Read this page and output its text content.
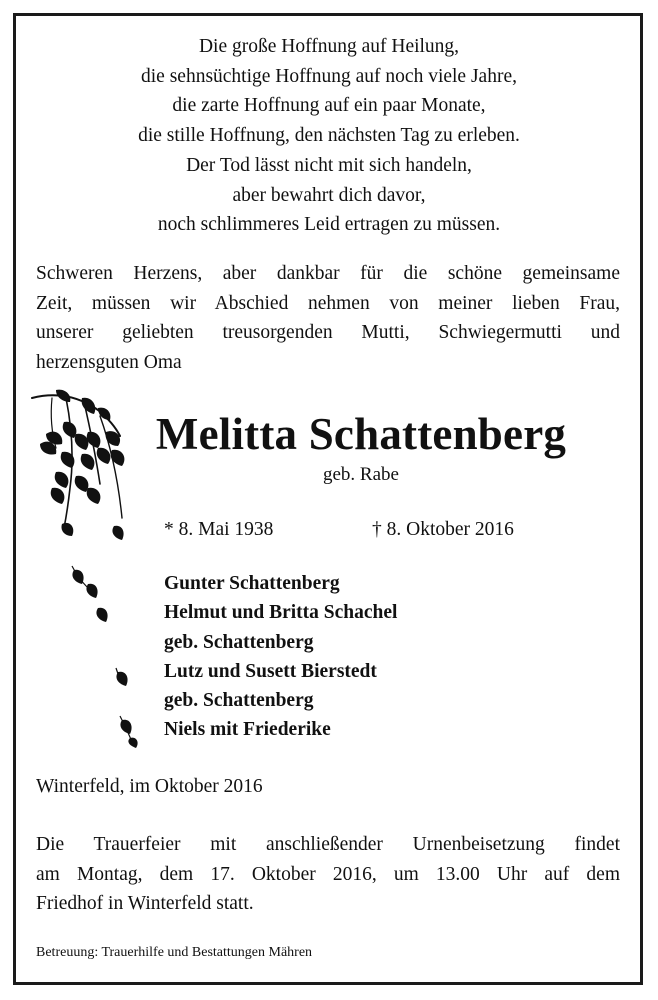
Die große Hoffnung auf Heilung,
die sehnsüchtige Hoffnung auf noch viele Jahre,
die zarte Hoffnung auf ein paar Monate,
die stille Hoffnung, den nächsten Tag zu erleben.
Der Tod lässt nicht mit sich handeln,
aber bewahrt dich davor,
noch schlimmeres Leid ertragen zu müssen.
Schweren Herzens, aber dankbar für die schöne gemeinsame
Zeit, müssen wir Abschied nehmen von meiner lieben Frau,
unserer geliebten treusorgenden Mutti, Schwiegermutti und
herzensguten Oma
Melitta Schattenberg
geb. Rabe
* 8. Mai 1938	† 8. Oktober 2016
Gunter Schattenberg
Helmut und Britta Schachel
geb. Schattenberg
Lutz und Susett Bierstedt
geb. Schattenberg
Niels mit Friederike
Winterfeld, im Oktober 2016
Die Trauerfeier mit anschließender Urnenbeisetzung findet
am Montag, dem 17. Oktober 2016, um 13.00 Uhr auf dem
Friedhof in Winterfeld statt.
Betreuung: Trauerhilfe und Bestattungen Mähren
